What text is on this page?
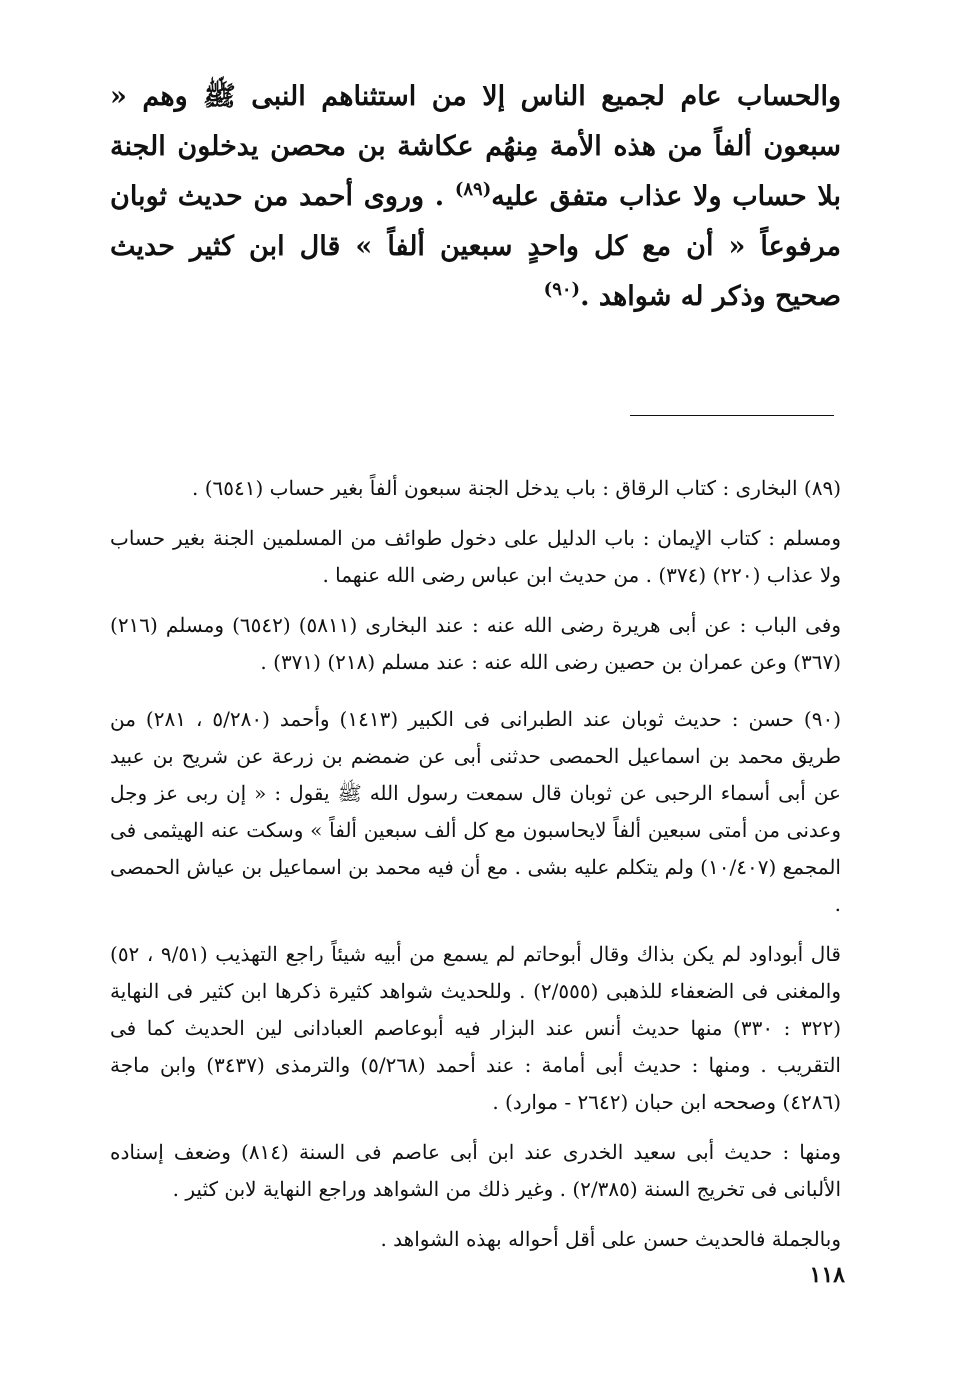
والحساب عام لجميع الناس إلا من استثناهم النبى ﷺ وهم « سبعون ألفاً من هذه الأمة مِنهُم عكاشة بن محصن يدخلون الجنة بلا حساب ولا عذاب متفق عليه$^{(٨٩)}$ . وروى أحمد من حديث ثوبان مرفوعاً « أن مع كل واحدٍ سبعين ألفاً » قال ابن كثير حديث صحيح وذكر له شواهد .$^{(٩٠)}$

(٨٩) البخارى : كتاب الرقاق : باب يدخل الجنة سبعون ألفاً بغير حساب (٦٥٤١) .

ومسلم : كتاب الإيمان : باب الدليل على دخول طوائف من المسلمين الجنة بغير حساب ولا عذاب (٢٢٠) (٣٧٤) . من حديث ابن عباس رضى الله عنهما .

وفى الباب : عن أبى هريرة رضى الله عنه : عند البخارى (٥٨١١) (٦٥٤٢) ومسلم (٢١٦) (٣٦٧) وعن عمران بن حصين رضى الله عنه : عند مسلم (٢١٨) (٣٧١) .

(٩٠) حسن : حديث ثوبان عند الطبرانى فى الكبير (١٤١٣) وأحمد (٥/٢٨٠ ، ٢٨١) من طريق محمد بن اسماعيل الحمصى حدثنى أبى عن ضمضم بن زرعة عن شريح بن عبيد عن أبى أسماء الرحبى عن ثوبان قال سمعت رسول الله ﷺ يقول : « إن ربى عز وجل وعدنى من أمتى سبعين ألفاً لايحاسبون مع كل ألف سبعين ألفاً » وسكت عنه الهيثمى فى المجمع (١٠/٤٠٧) ولم يتكلم عليه بشى . مع أن فيه محمد بن اسماعيل بن عياش الحمصى .

قال أبوداود لم يكن بذاك وقال أبوحاتم لم يسمع من أبيه شيئاً راجع التهذيب (٩/٥١ ، ٥٢) والمغنى فى الضعفاء للذهبى (٢/٥٥٥) . وللحديث شواهد كثيرة ذكرها ابن كثير فى النهاية (٣٢٢ : ٣٣٠) منها حديث أنس عند البزار فيه أبوعاصم العبادانى لين الحديث كما فى التقريب . ومنها : حديث أبى أمامة : عند أحمد (٥/٢٦٨) والترمذى (٣٤٣٧) وابن ماجة (٤٢٨٦) وصححه ابن حبان (٢٦٤٢ - موارد) .

ومنها : حديث أبى سعيد الخدرى عند ابن أبى عاصم فى السنة (٨١٤) وضعف إسناده الألبانى فى تخريج السنة (٢/٣٨٥) . وغير ذلك من الشواهد وراجع النهاية لابن كثير .

وبالجملة فالحديث حسن على أقل أحواله بهذه الشواهد .

١١٨
